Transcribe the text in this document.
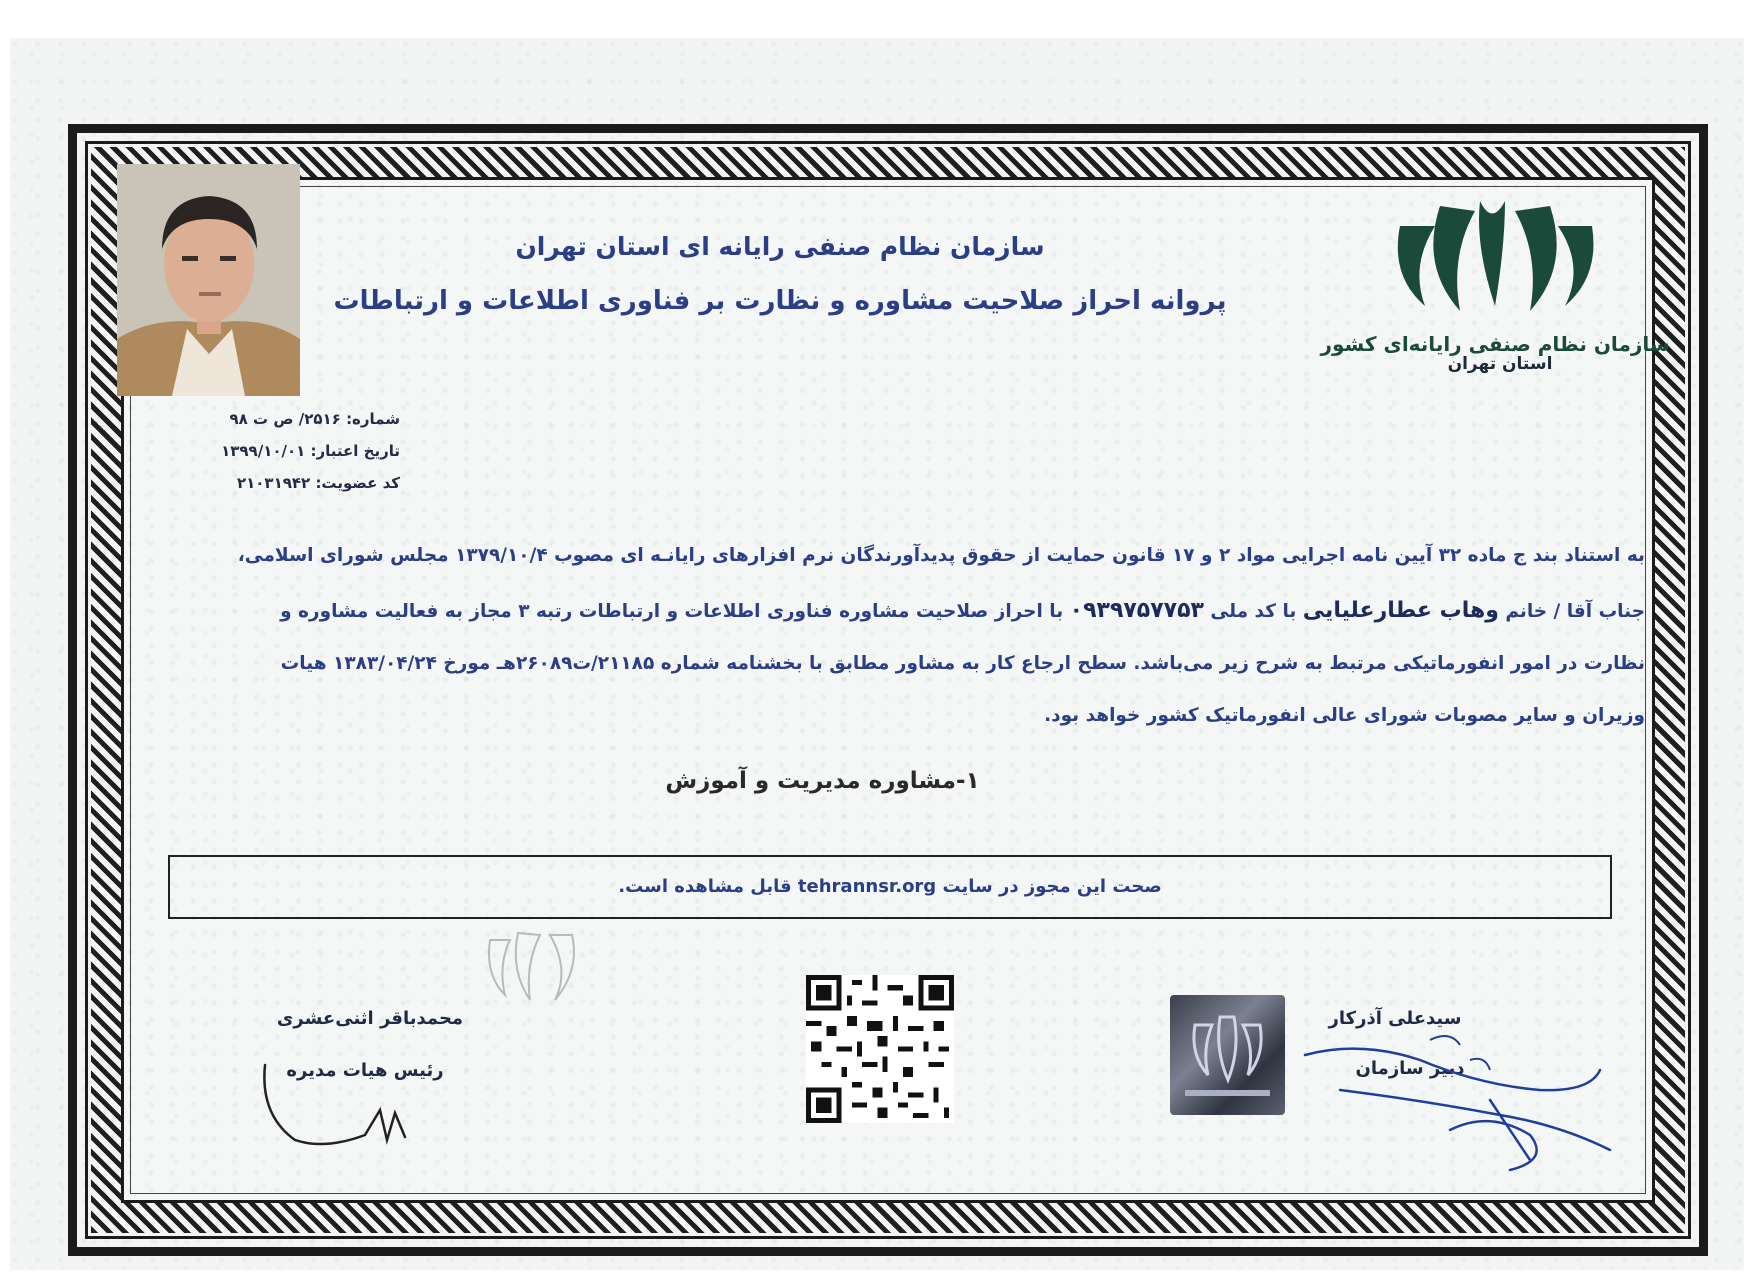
سازمان نظام صنفی رایانه‌ای کشور
استان تهران
سازمان نظام صنفی رایانه ای استان تهران
پروانه احراز صلاحیت مشاوره و نظارت بر فناوری اطلاعات و ارتباطات
شماره: ۲۵۱۶/ ص ت ۹۸
تاریخ اعتبار: ۱۳۹۹/۱۰/۰۱
کد عضویت: ۲۱۰۳۱۹۴۲
به استناد بند ج ماده ۳۲ آیین نامه اجرایی مواد ۲ و ۱۷ قانون حمایت از حقوق پدیدآورندگان نرم افزارهای رایانـه ای مصوب ۱۳۷۹/۱۰/۴ مجلس شورای اسلامی،
جناب آقا / خانم وهاب عطارعلیایی با کد ملی ۰۹۳۹۷۵۷۷۵۳ با احراز صلاحیت مشاوره فناوری اطلاعات و ارتباطات رتبه ۳ مجاز به فعالیت مشاوره و
نظارت در امور انفورماتیکی مرتبط به شرح زیر می‌باشد. سطح ارجاع کار به مشاور مطابق با بخشنامه شماره ۲۱۱۸۵/ت۲۶۰۸۹هـ مورخ ۱۳۸۳/۰۴/۲۴ هیات
وزیران و سایر مصوبات شورای عالی انفورماتیک کشور خواهد بود.
۱-مشاوره مدیریت و آموزش
صحت این مجوز در سایت tehrannsr.org قابل مشاهده است.
محمدباقر اثنی‌عشری
رئیس هیات مدیره
سیدعلی آذرکار
دبیر سازمان
